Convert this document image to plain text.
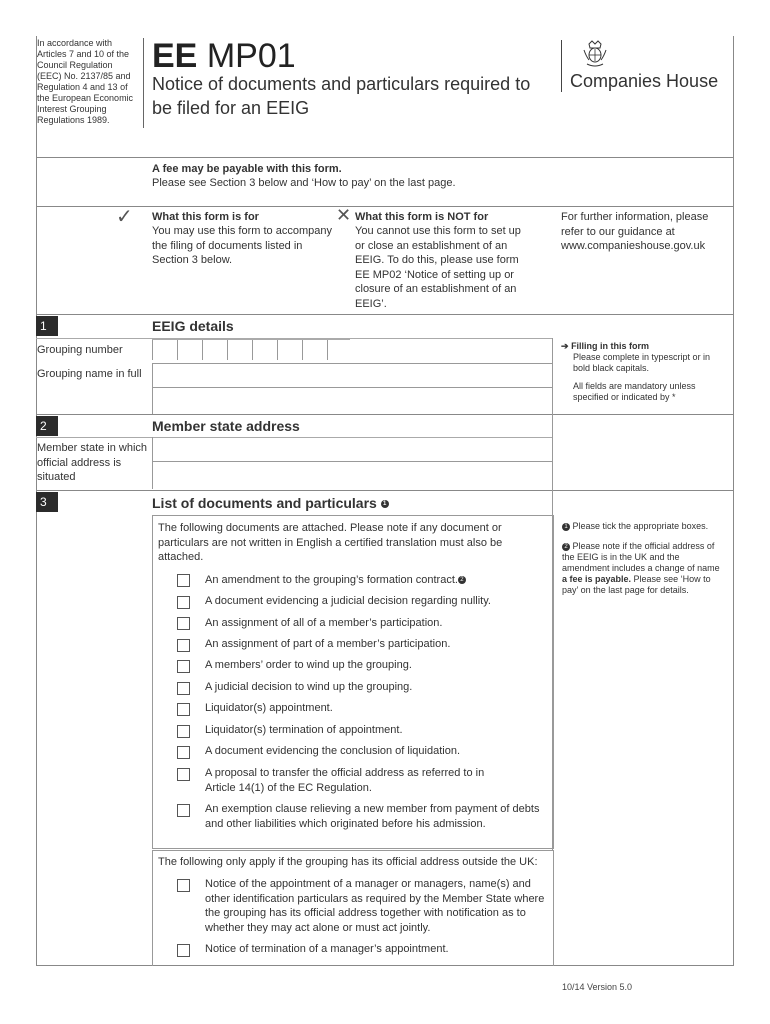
In accordance with Articles 7 and 10 of the Council Regulation (EEC) No. 2137/85 and Regulation 4 and 13 of the European Economic Interest Grouping Regulations 1989.
EE MP01
Notice of documents and particulars required to be filed for an EEIG
Companies House
A fee may be payable with this form.
Please see Section 3 below and ‘How to pay’ on the last page.
✓ What this form is for
You may use this form to accompany the filing of documents listed in Section 3 below.
✕ What this form is NOT for
You cannot use this form to set up or close an establishment of an EEIG. To do this, please use form EE MP02 ‘Notice of setting up or closure of an establishment of an EEIG’.
For further information, please refer to our guidance at www.companieshouse.gov.uk
1	EEIG details
Grouping number
Grouping name in full
➔ Filling in this form
Please complete in typescript or in bold black capitals.
All fields are mandatory unless specified or indicated by *
2	Member state address
Member state in which official address is situated
3	List of documents and particulars 1
The following documents are attached. Please note if any document or particulars are not written in English a certified translation must also be attached.
An amendment to the grouping’s formation contract. 2
A document evidencing a judicial decision regarding nullity.
An assignment of all of a member’s participation.
An assignment of part of a member’s participation.
A members’ order to wind up the grouping.
A judicial decision to wind up the grouping.
Liquidator(s) appointment.
Liquidator(s) termination of appointment.
A document evidencing the conclusion of liquidation.
A proposal to transfer the official address as referred to in Article 14(1) of the EC Regulation.
An exemption clause relieving a new member from payment of debts and other liabilities which originated before his admission.
The following only apply if the grouping has its official address outside the UK:
Notice of the appointment of a manager or managers, name(s) and other identification particulars as required by the Member State where the grouping has its official address together with notification as to whether they may act alone or must act jointly.
Notice of termination of a manager’s appointment.
1 Please tick the appropriate boxes.
2 Please note if the official address of the EEIG is in the UK and the amendment includes a change of name a fee is payable. Please see ‘How to pay’ on the last page for details.
10/14 Version 5.0
